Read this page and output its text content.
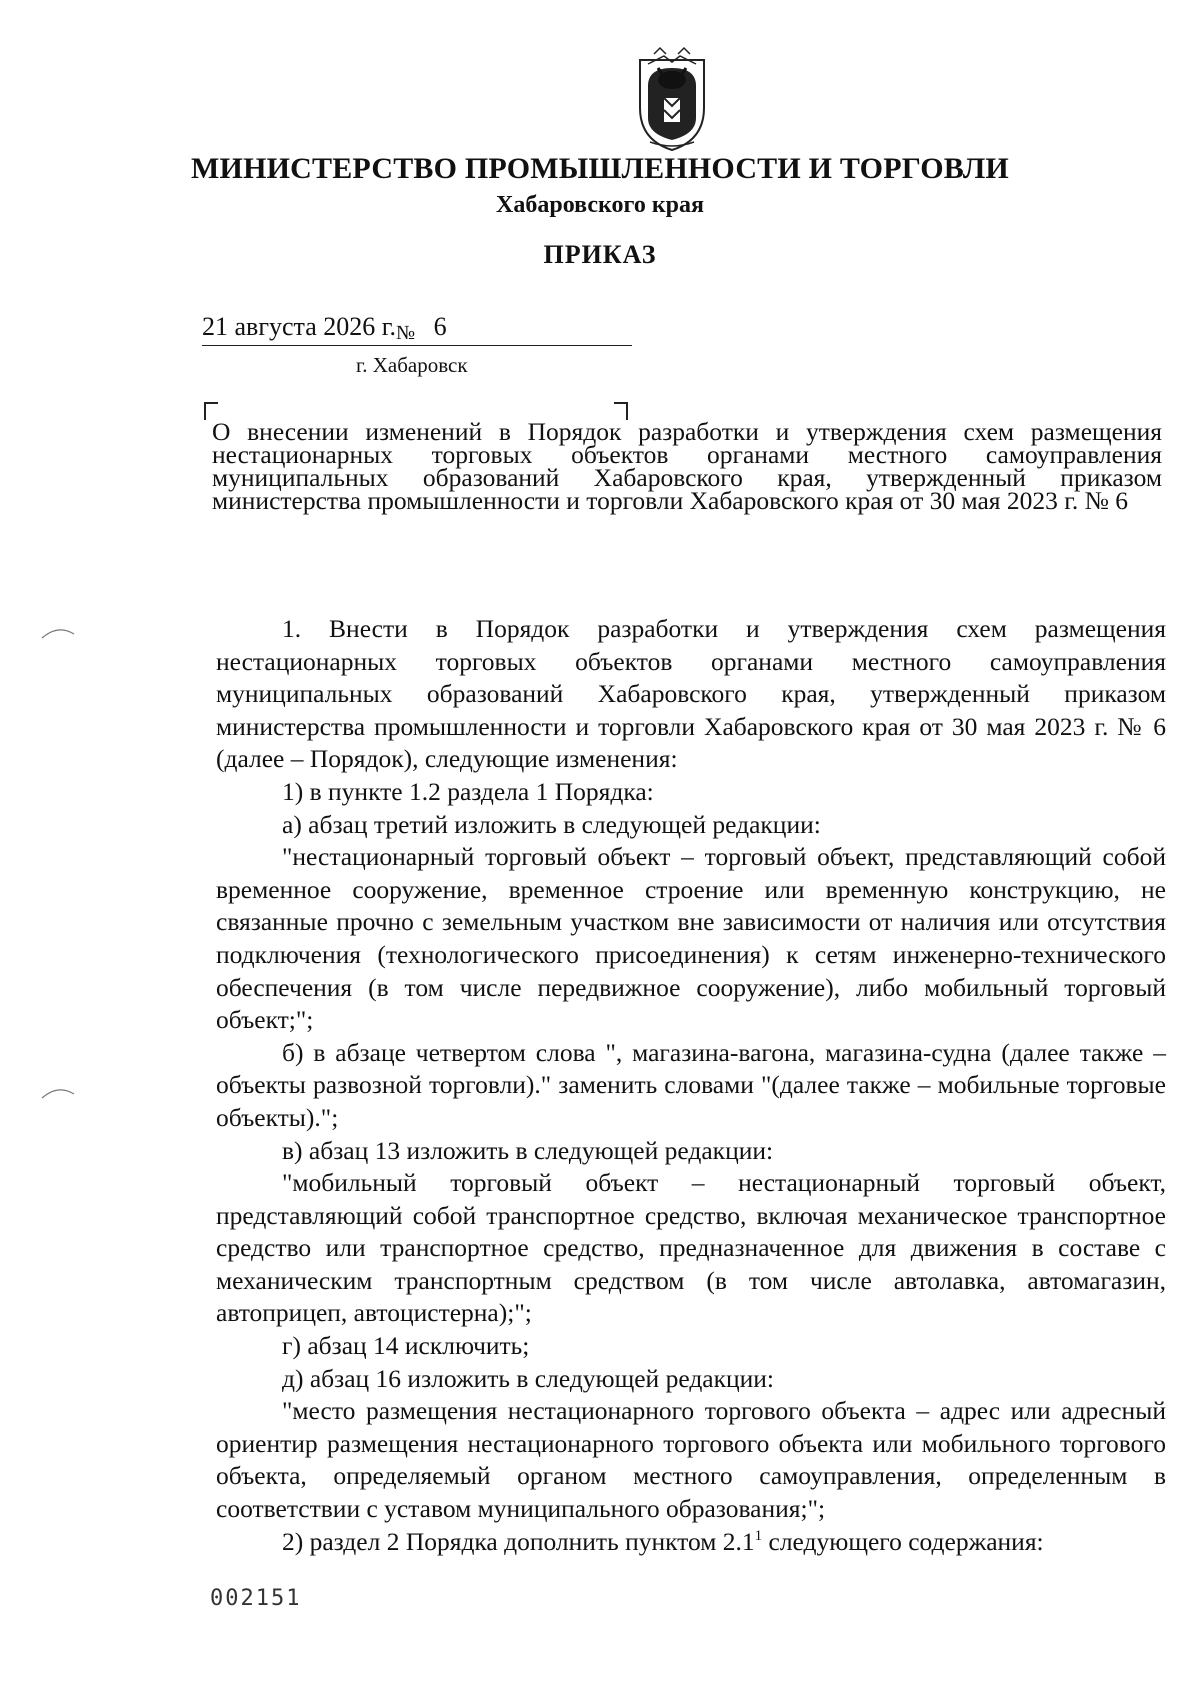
МИНИСТЕРСТВО ПРОМЫШЛЕННОСТИ И ТОРГОВЛИ
Хабаровского края
ПРИКАЗ
21 августа 2026 г.№ 6
г. Хабаровск
О внесении изменений в Порядок разработки и утверждения схем размещения нестационарных торговых объектов органами местного самоуправления муниципальных образований Хабаровского края, утвержденный приказом министерства промышленности и торговли Хабаровского края от 30 мая 2023 г. № 6

1. Внести в Порядок разработки и утверждения схем размещения нестационарных торговых объектов органами местного самоуправления муниципальных образований Хабаровского края, утвержденный приказом министерства промышленности и торговли Хабаровского края от 30 мая 2023 г. № 6 (далее – Порядок), следующие изменения:

1) в пункте 1.2 раздела 1 Порядка:

а) абзац третий изложить в следующей редакции:

"нестационарный торговый объект – торговый объект, представляющий собой временное сооружение, временное строение или временную конструкцию, не связанные прочно с земельным участком вне зависимости от наличия или отсутствия подключения (технологического присоединения) к сетям инженерно-технического обеспечения (в том числе передвижное сооружение), либо мобильный торговый объект;";

б) в абзаце четвертом слова ", магазина-вагона, магазина-судна (далее также – объекты развозной торговли)." заменить словами "(далее также – мобильные торговые объекты).";

в) абзац 13 изложить в следующей редакции:

"мобильный торговый объект – нестационарный торговый объект, представляющий собой транспортное средство, включая механическое транспортное средство или транспортное средство, предназначенное для движения в составе с механическим транспортным средством (в том числе автолавка, автомагазин, автоприцеп, автоцистерна);";

г) абзац 14 исключить;

д) абзац 16 изложить в следующей редакции:

"место размещения нестационарного торгового объекта – адрес или адресный ориентир размещения нестационарного торгового объекта или мобильного торгового объекта, определяемый органом местного самоуправления, определенным в соответствии с уставом муниципального образования;";

2) раздел 2 Порядка дополнить пунктом $2.1^1$ следующего содержания:

002151
